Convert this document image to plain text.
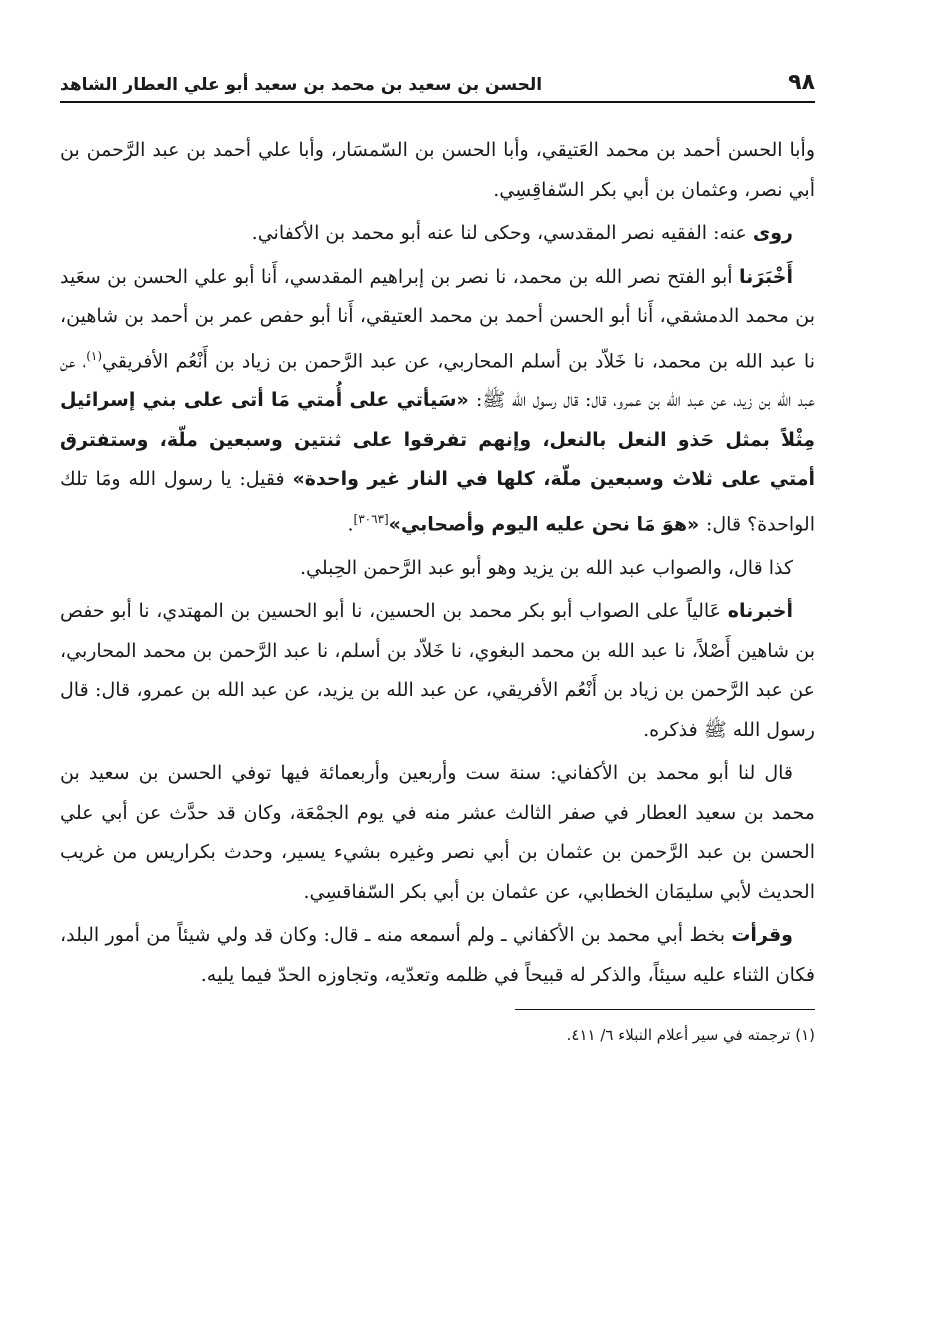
٩٨
الحسن بن سعيد بن محمد بن سعيد أبو علي العطار الشاهد

وأبا الحسن أحمد بن محمد العَتيقي، وأبا الحسن بن السّمسَار، وأبا علي أحمد بن عبد الرَّحمن بن أبي نصر، وعثمان بن أبي بكر السّفاقِسِي.

روى عنه: الفقيه نصر المقدسي، وحكى لنا عنه أبو محمد بن الأكفاني.

أَخْبَرَنا أبو الفتح نصر الله بن محمد، نا نصر بن إبراهيم المقدسي، أَنا أبو علي الحسن بن سعَيد بن محمد الدمشقي، أَنا أبو الحسن أحمد بن محمد العتيقي، أَنا أبو حفص عمر بن أحمد بن شاهين، نا عبد الله بن محمد، نا خَلاّد بن أسلم المحاربي، عن عبد الرَّحمن بن زياد بن أَنْعُم الأفريقي$^{(١)}$، عن عبد الله بن زيد، عن عبد الله بن عمرو، قال: قال رسول الله ﷺ: «سَيأتي على أُمتي مَا أتى على بني إسرائيل مِثْلاً بمثل حَذو النعل بالنعل، وإنهم تفرقوا على ثنتين وسبعين ملّة، وستفترق أمتي على ثلاث وسبعين ملّة، كلها في النار غير واحدة» فقيل: يا رسول الله ومَا تلك الواحدة؟ قال: «هوَ مَا نحن عليه اليوم وأصحابي»[٣٠٦٣].

كذا قال، والصواب عبد الله بن يزيد وهو أبو عبد الرَّحمن الحِبلي.

أخبرناه عَالياً على الصواب أبو بكر محمد بن الحسين، نا أبو الحسين بن المهتدي، نا أبو حفص بن شاهين أَصْلاً، نا عبد الله بن محمد البغوي، نا خَلاّد بن أسلم، نا عبد الرَّحمن بن محمد المحاربي، عن عبد الرَّحمن بن زياد بن أَنْعُم الأفريقي، عن عبد الله بن يزيد، عن عبد الله بن عمرو، قال: قال رسول الله ﷺ فذكره.

قال لنا أبو محمد بن الأكفاني: سنة ست وأربعين وأربعمائة فيها توفي الحسن بن سعيد بن محمد بن سعيد العطار في صفر الثالث عشر منه في يوم الجمْعَة، وكان قد حدَّث عن أبي علي الحسن بن عبد الرَّحمن بن عثمان بن أبي نصر وغيره بشيء يسير، وحدث بكراريس من غريب الحديث لأبي سليمَان الخطابي، عن عثمان بن أبي بكر السّفاقسِي.

وقرأت بخط أبي محمد بن الأكفاني ـ ولم أسمعه منه ـ قال: وكان قد ولي شيئاً من أمور البلد، فكان الثناء عليه سيئاً، والذكر له قبيحاً في ظلمه وتعدّيه، وتجاوزه الحدّ فيما يليه.

(١) ترجمته في سير أعلام النبلاء ٦/ ٤١١.
